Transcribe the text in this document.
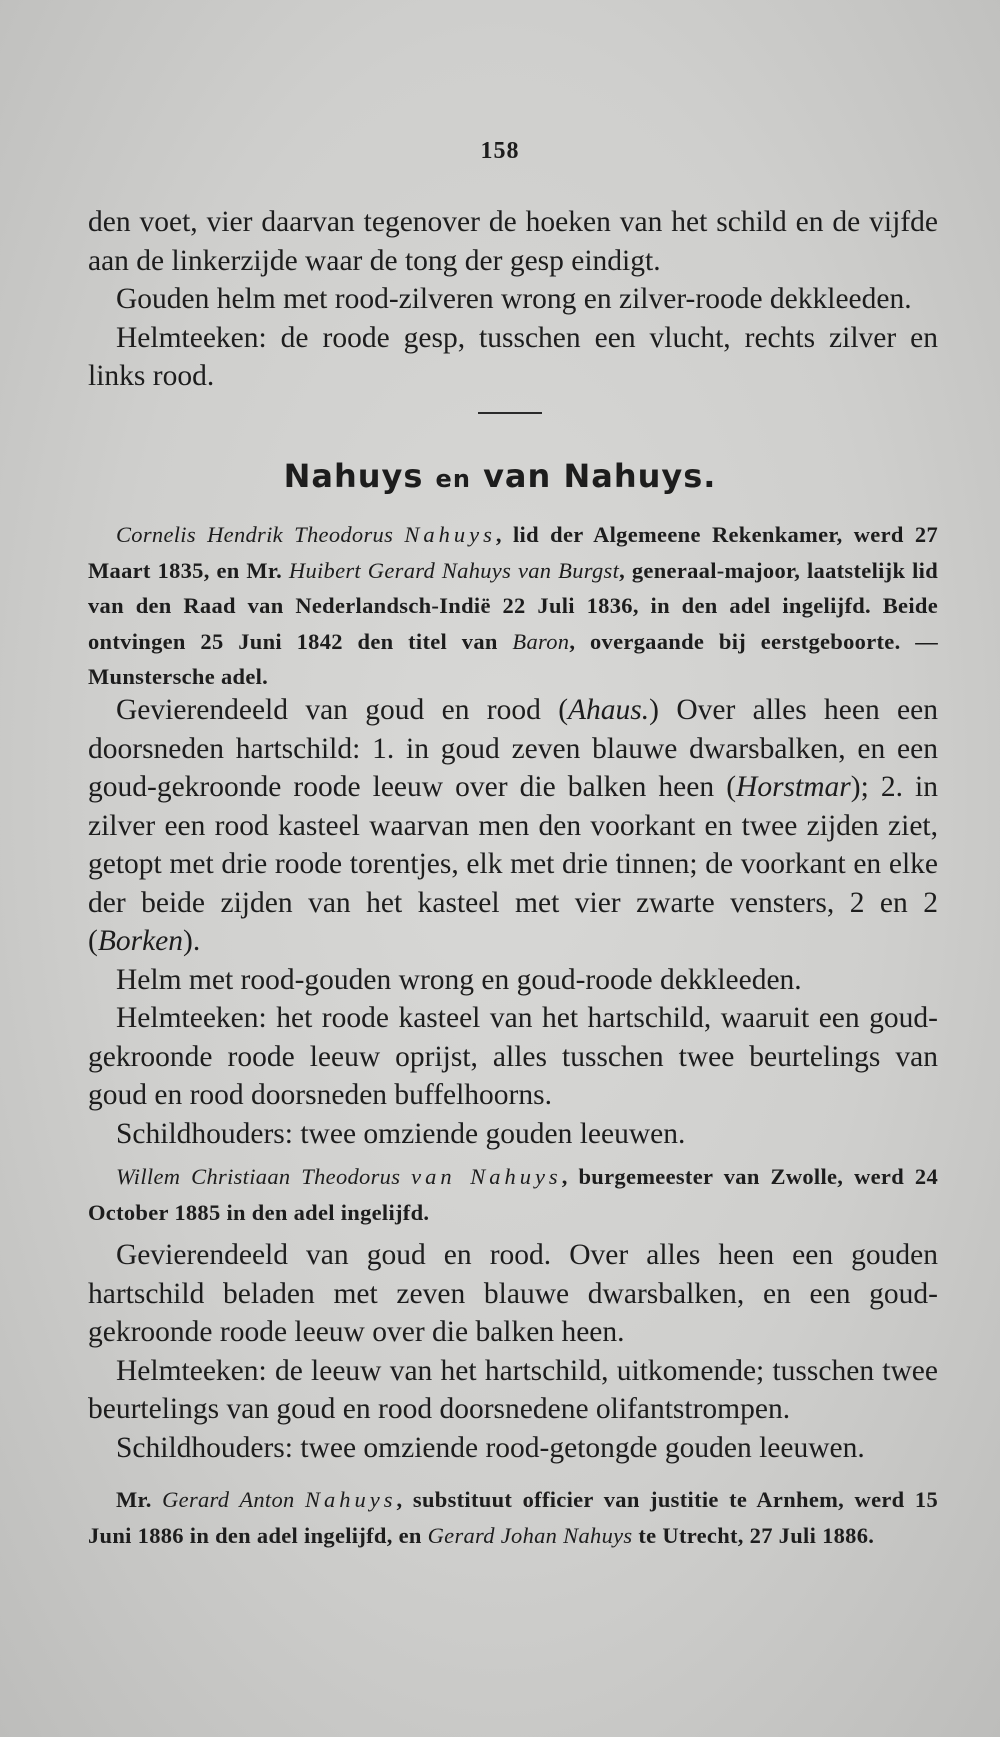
158

den voet, vier daarvan tegenover de hoeken van het schild en de vijfde aan de linkerzijde waar de tong der gesp eindigt.

Gouden helm met rood-zilveren wrong en zilver-roode dekkleeden.

Helmteeken: de roode gesp, tusschen een vlucht, rechts zilver en links rood.

Nahuys en van Nahuys.

Cornelis Hendrik Theodorus Nahuys, lid der Algemeene Rekenkamer, werd 27 Maart 1835, en Mr. Huibert Gerard Nahuys van Burgst, generaal-majoor, laatstelijk lid van den Raad van Nederlandsch-Indië 22 Juli 1836, in den adel ingelijfd. Beide ontvingen 25 Juni 1842 den titel van Baron, overgaande bij eerstgeboorte. — Munstersche adel.

Gevierendeeld van goud en rood (Ahaus.) Over alles heen een doorsneden hartschild: 1. in goud zeven blauwe dwarsbalken, en een goud-gekroonde roode leeuw over die balken heen (Horstmar); 2. in zilver een rood kasteel waarvan men den voorkant en twee zijden ziet, getopt met drie roode torentjes, elk met drie tinnen; de voorkant en elke der beide zijden van het kasteel met vier zwarte vensters, 2 en 2 (Borken).

Helm met rood-gouden wrong en goud-roode dekkleeden.

Helmteeken: het roode kasteel van het hartschild, waaruit een goud-gekroonde roode leeuw oprijst, alles tusschen twee beurtelings van goud en rood doorsneden buffelhoorns.

Schildhouders: twee omziende gouden leeuwen.

Willem Christiaan Theodorus van Nahuys, burgemeester van Zwolle, werd 24 October 1885 in den adel ingelijfd.

Gevierendeeld van goud en rood. Over alles heen een gouden hartschild beladen met zeven blauwe dwarsbalken, en een goud-gekroonde roode leeuw over die balken heen.

Helmteeken: de leeuw van het hartschild, uitkomende; tusschen twee beurtelings van goud en rood doorsnedene olifantstrompen.

Schildhouders: twee omziende rood-getongde gouden leeuwen.

Mr. Gerard Anton Nahuys, substituut officier van justitie te Arnhem, werd 15 Juni 1886 in den adel ingelijfd, en Gerard Johan Nahuys te Utrecht, 27 Juli 1886.
